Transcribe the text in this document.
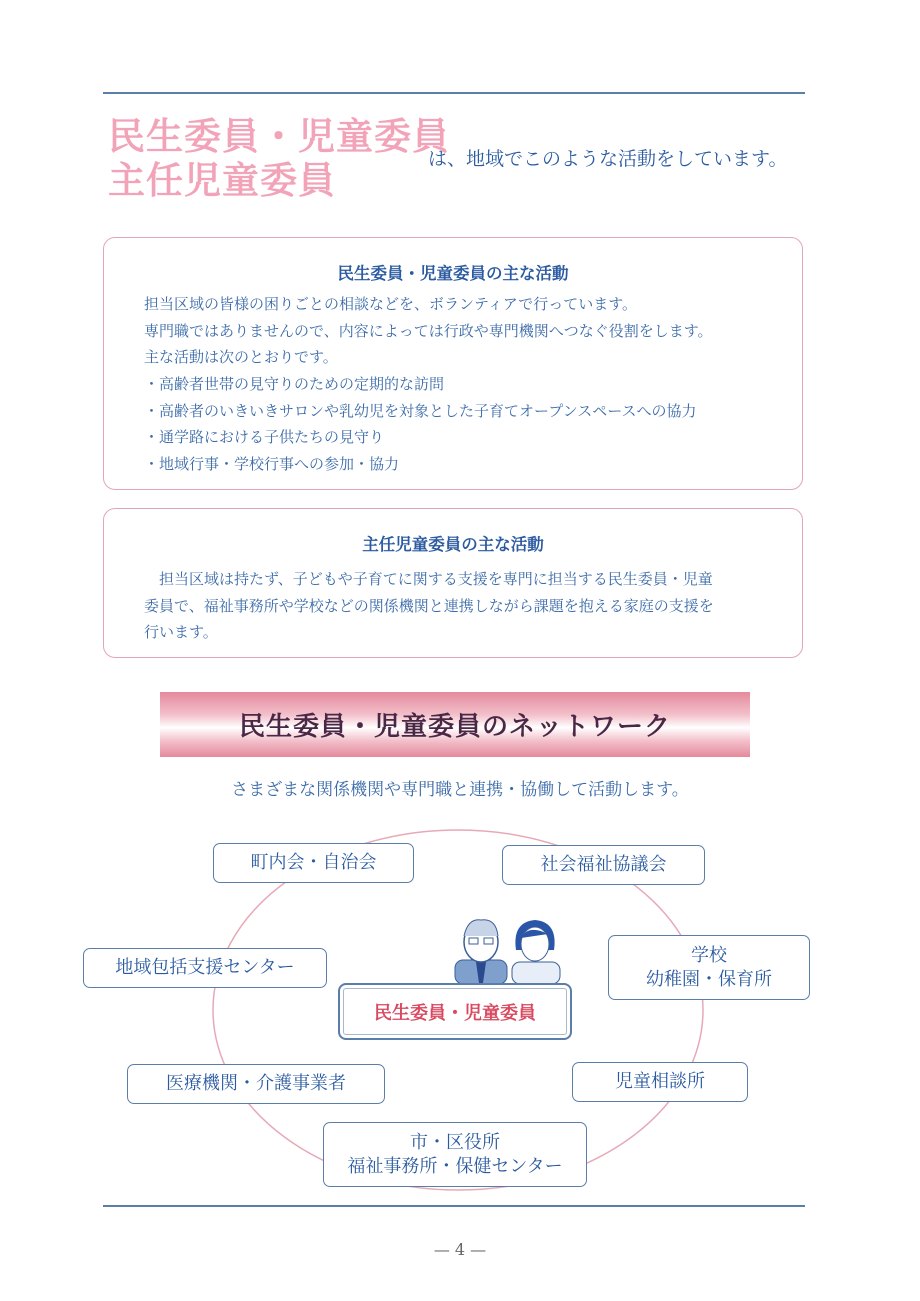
民生委員・児童委員
主任児童委員	は、地域でこのような活動をしています。
民生委員・児童委員の主な活動
担当区域の皆様の困りごとの相談などを、ボランティアで行っています。
専門職ではありませんので、内容によっては行政や専門機関へつなぐ役割をします。
主な活動は次のとおりです。
・高齢者世帯の見守りのための定期的な訪問
・高齢者のいきいきサロンや乳幼児を対象とした子育てオープンスペースへの協力
・通学路における子供たちの見守り
・地域行事・学校行事への参加・協力
主任児童委員の主な活動
　担当区域は持たず、子どもや子育てに関する支援を専門に担当する民生委員・児童
委員で、福祉事務所や学校などの関係機関と連携しながら課題を抱える家庭の支援を
行います。
民生委員・児童委員のネットワーク
さまざまな関係機関や専門職と連携・協働して活動します。
町内会・自治会	社会福祉協議会
地域包括支援センター
学校
幼稚園・保育所
民生委員・児童委員
医療機関・介護事業者	児童相談所
市・区役所
福祉事務所・保健センター
— 4 —
